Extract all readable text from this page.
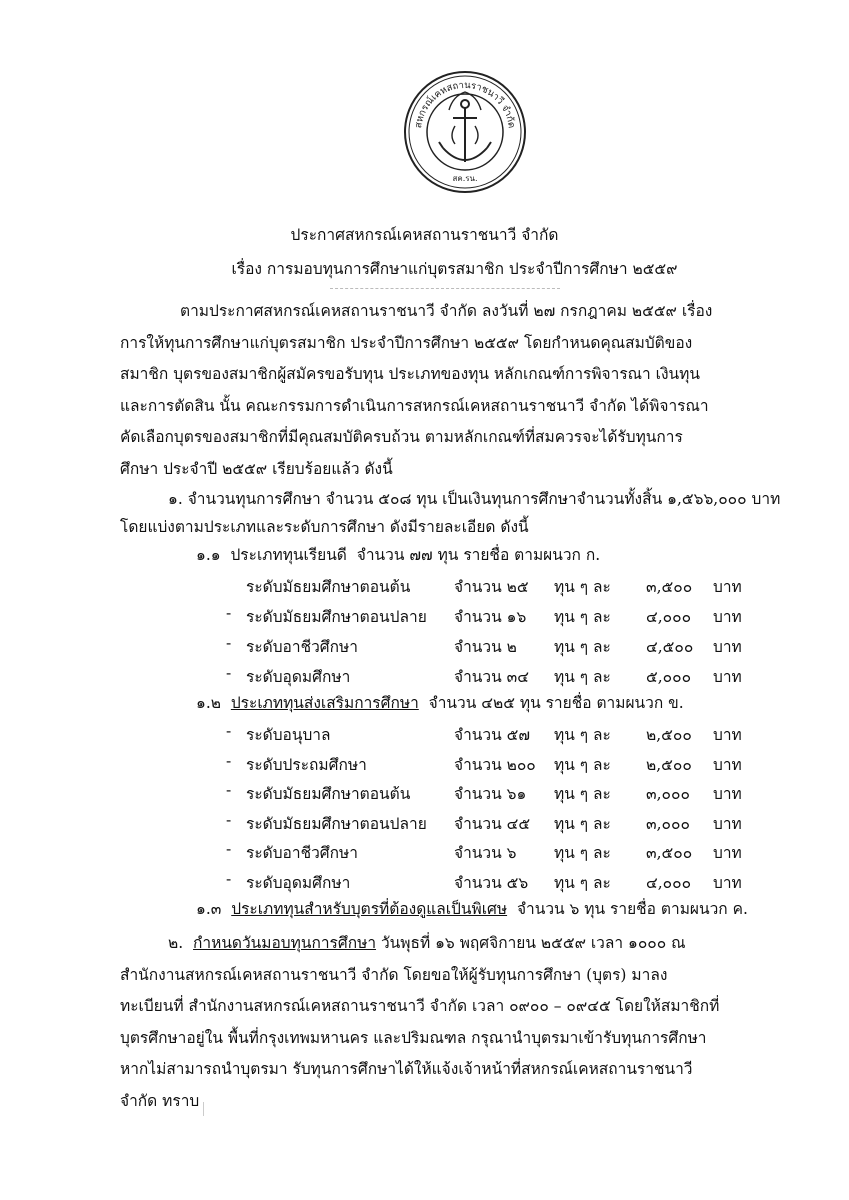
สหกรณ์เคหสถานราชนาวี จำกัด
สค.รน.
ประกาศสหกรณ์เคหสถานราชนาวี จำกัด
เรื่อง การมอบทุนการศึกษาแก่บุตรสมาชิก ประจำปีการศึกษา ๒๕๕๙
ตามประกาศสหกรณ์เคหสถานราชนาวี จำกัด ลงวันที่ ๒๗ กรกฎาคม ๒๕๕๙ เรื่อง การให้ทุนการศึกษาแก่บุตรสมาชิก ประจำปีการศึกษา ๒๕๕๙ โดยกำหนดคุณสมบัติของสมาชิก บุตรของสมาชิกผู้สมัครขอรับทุน ประเภทของทุน หลักเกณฑ์การพิจารณา เงินทุน และการตัดสิน นั้น คณะกรรมการดำเนินการสหกรณ์เคหสถานราชนาวี จำกัด ได้พิจารณาคัดเลือกบุตรของสมาชิกที่มีคุณสมบัติครบถ้วน ตามหลักเกณฑ์ที่สมควรจะได้รับทุนการศึกษา ประจำปี ๒๕๕๙ เรียบร้อยแล้ว ดังนี้
๑. จำนวนทุนการศึกษา จำนวน ๕๐๘ ทุน เป็นเงินทุนการศึกษาจำนวนทั้งสิ้น ๑,๕๖๖,๐๐๐ บาท
โดยแบ่งตามประเภทและระดับการศึกษา ดังมีรายละเอียด ดังนี้
๑.๑ ประเภททุนเรียนดี จำนวน ๗๗ ทุน รายชื่อ ตามผนวก ก.
ระดับมัธยมศึกษาตอนต้น	จำนวน ๒๕ ทุน ๆ ละ ๓,๕๐๐ บาท
- ระดับมัธยมศึกษาตอนปลาย จำนวน ๑๖ ทุน ๆ ละ ๔,๐๐๐ บาท
- ระดับอาชีวศึกษา	จำนวน ๒ ทุน ๆ ละ ๔,๕๐๐ บาท
- ระดับอุดมศึกษา	จำนวน ๓๔ ทุน ๆ ละ ๕,๐๐๐ บาท
๑.๒ ประเภททุนส่งเสริมการศึกษา จำนวน ๔๒๕ ทุน รายชื่อ ตามผนวก ข.
- ระดับอนุบาล	จำนวน ๕๗ ทุน ๆ ละ ๒,๕๐๐ บาท
- ระดับประถมศึกษา	จำนวน ๒๐๐ ทุน ๆ ละ ๒,๕๐๐ บาท
- ระดับมัธยมศึกษาตอนต้น	จำนวน ๖๑ ทุน ๆ ละ ๓,๐๐๐ บาท
- ระดับมัธยมศึกษาตอนปลาย จำนวน ๔๕ ทุน ๆ ละ ๓,๐๐๐ บาท
- ระดับอาชีวศึกษา	จำนวน ๖ ทุน ๆ ละ ๓,๕๐๐ บาท
- ระดับอุดมศึกษา	จำนวน ๕๖ ทุน ๆ ละ ๔,๐๐๐ บาท
๑.๓ ประเภททุนสำหรับบุตรที่ต้องดูแลเป็นพิเศษ จำนวน ๖ ทุน รายชื่อ ตามผนวก ค.
๒. กำหนดวันมอบทุนการศึกษา วันพุธที่ ๑๖ พฤศจิกายน ๒๕๕๙ เวลา ๑๐๐๐ ณ สำนักงานสหกรณ์เคหสถานราชนาวี จำกัด โดยขอให้ผู้รับทุนการศึกษา (บุตร) มาลงทะเบียนที่ สำนักงานสหกรณ์เคหสถานราชนาวี จำกัด เวลา ๐๙๐๐ – ๐๙๔๕ โดยให้สมาชิกที่บุตรศึกษาอยู่ใน พื้นที่กรุงเทพมหานคร และปริมณฑล กรุณานำบุตรมาเข้ารับทุนการศึกษา หากไม่สามารถนำบุตรมา รับทุนการศึกษาได้ให้แจ้งเจ้าหน้าที่สหกรณ์เคหสถานราชนาวี จำกัด ทราบ
